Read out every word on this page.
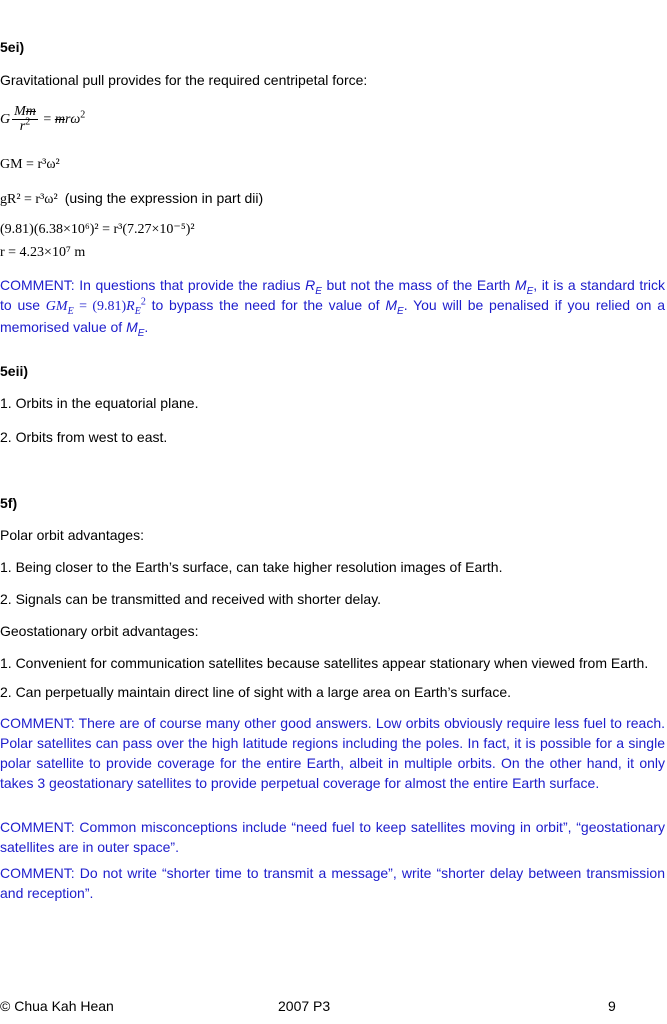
5ei)
Gravitational pull provides for the required centripetal force:
G $\frac{Mm}{r^2} = mr\omega^2$
GM = r³ω²
gR² = r³ω² (using the expression in part dii)
(9.81)(6.38×10⁶)² = r³(7.27×10⁻⁵)²
r = 4.23×10⁷ m
COMMENT: In questions that provide the radius $R_E$ but not the mass of the Earth $M_E$, it is a standard trick to use $GM_E = (9.81)R_E^2$ to bypass the need for the value of $M_E$. You will be penalised if you relied on a memorised value of $M_E$.
5eii)
1. Orbits in the equatorial plane.
2. Orbits from west to east.
5f)
Polar orbit advantages:
1. Being closer to the Earth’s surface, can take higher resolution images of Earth.
2. Signals can be transmitted and received with shorter delay.
Geostationary orbit advantages:
1. Convenient for communication satellites because satellites appear stationary when viewed from Earth.
2. Can perpetually maintain direct line of sight with a large area on Earth’s surface.
COMMENT: There are of course many other good answers. Low orbits obviously require less fuel to reach. Polar satellites can pass over the high latitude regions including the poles. In fact, it is possible for a single polar satellite to provide coverage for the entire Earth, albeit in multiple orbits. On the other hand, it only takes 3 geostationary satellites to provide perpetual coverage for almost the entire Earth surface.
COMMENT: Common misconceptions include “need fuel to keep satellites moving in orbit”, “geostationary satellites are in outer space”.
COMMENT: Do not write “shorter time to transmit a message”, write “shorter delay between transmission and reception”.
© Chua Kah Hean	2007 P3	9
